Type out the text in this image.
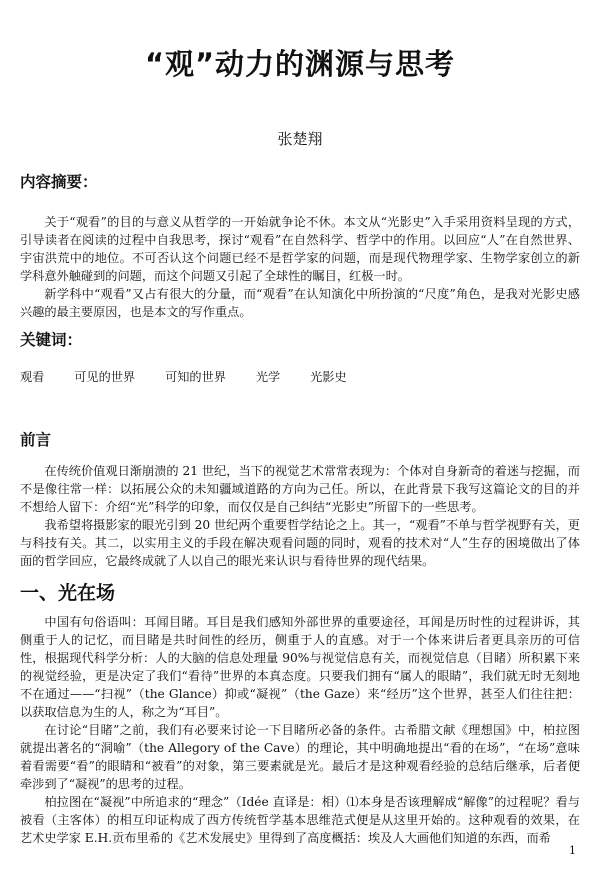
“观”动力的渊源与思考
张楚翔
内容摘要：

关于“观看”的目的与意义从哲学的一开始就争论不休。本文从“光影史”入手采用资料呈现的方式，引导读者在阅读的过程中自我思考，探讨“观看”在自然科学、哲学中的作用。以回应“人”在自然世界、宇宙洪荒中的地位。不可否认这个问题已经不是哲学家的问题，而是现代物理学家、生物学家创立的新学科意外触碰到的问题，而这个问题又引起了全球性的瞩目，红极一时。

新学科中“观看”又占有很大的分量，而“观看”在认知演化中所扮演的“尺度”角色，是我对光影史感兴趣的最主要原因，也是本文的写作重点。

关键词：
观看 可见的世界 可知的世界 光学 光影史
前言

在传统价值观日渐崩溃的 21 世纪，当下的视觉艺术常常表现为：个体对自身新奇的着迷与挖掘，而不是像往常一样：以拓展公众的未知疆域道路的方向为己任。所以，在此背景下我写这篇论文的目的并不想给人留下：介绍“光”科学的印象，而仅仅是自己纠结“光影史”所留下的一些思考。

我希望将摄影家的眼光引到 20 世纪两个重要哲学结论之上。其一，“观看”不单与哲学视野有关，更与科技有关。其二，以实用主义的手段在解决观看问题的同时，观看的技术对“人”生存的困境做出了体面的哲学回应，它最终成就了人以自己的眼光来认识与看待世界的现代结果。

一、光在场

中国有句俗语叫：耳闻目睹。耳目是我们感知外部世界的重要途径，耳闻是历时性的过程讲诉，其侧重于人的记忆，而目睹是共时间性的经历，侧重于人的直感。对于一个体来讲后者更具亲历的可信性，根据现代科学分析：人的大脑的信息处理量 90%与视觉信息有关，而视觉信息（目睹）所积累下来的视觉经验，更是决定了我们“看待”世界的本真态度。只要我们拥有“属人的眼睛”，我们就无时无刻地不在通过——“扫视”（the Glance）抑或“凝视”（the Gaze）来“经历”这个世界，甚至人们往往把：以获取信息为生的人，称之为“耳目”。

在讨论“目睹”之前，我们有必要来讨论一下目睹所必备的条件。古希腊文献《理想国》中，柏拉图就提出著名的“洞喻”（the Allegory of the Cave）的理论，其中明确地提出“看的在场”，“在场”意味着看需要“看”的眼睛和“被看”的对象，第三要素就是光。最后才是这种观看经验的总结后继承，后者便牵涉到了“凝视”的思考的过程。

柏拉图在“凝视”中所追求的“理念”（Idée 直译是：相）⑴本身是否该理解成“解像”的过程呢？看与被看（主客体）的相互印证构成了西方传统哲学基本思维范式便是从这里开始的。这种观看的效果，在艺术史学家 E.H.贡布里希的《艺术发展史》里得到了高度概括：埃及人大画他们知道的东西，而希

1
